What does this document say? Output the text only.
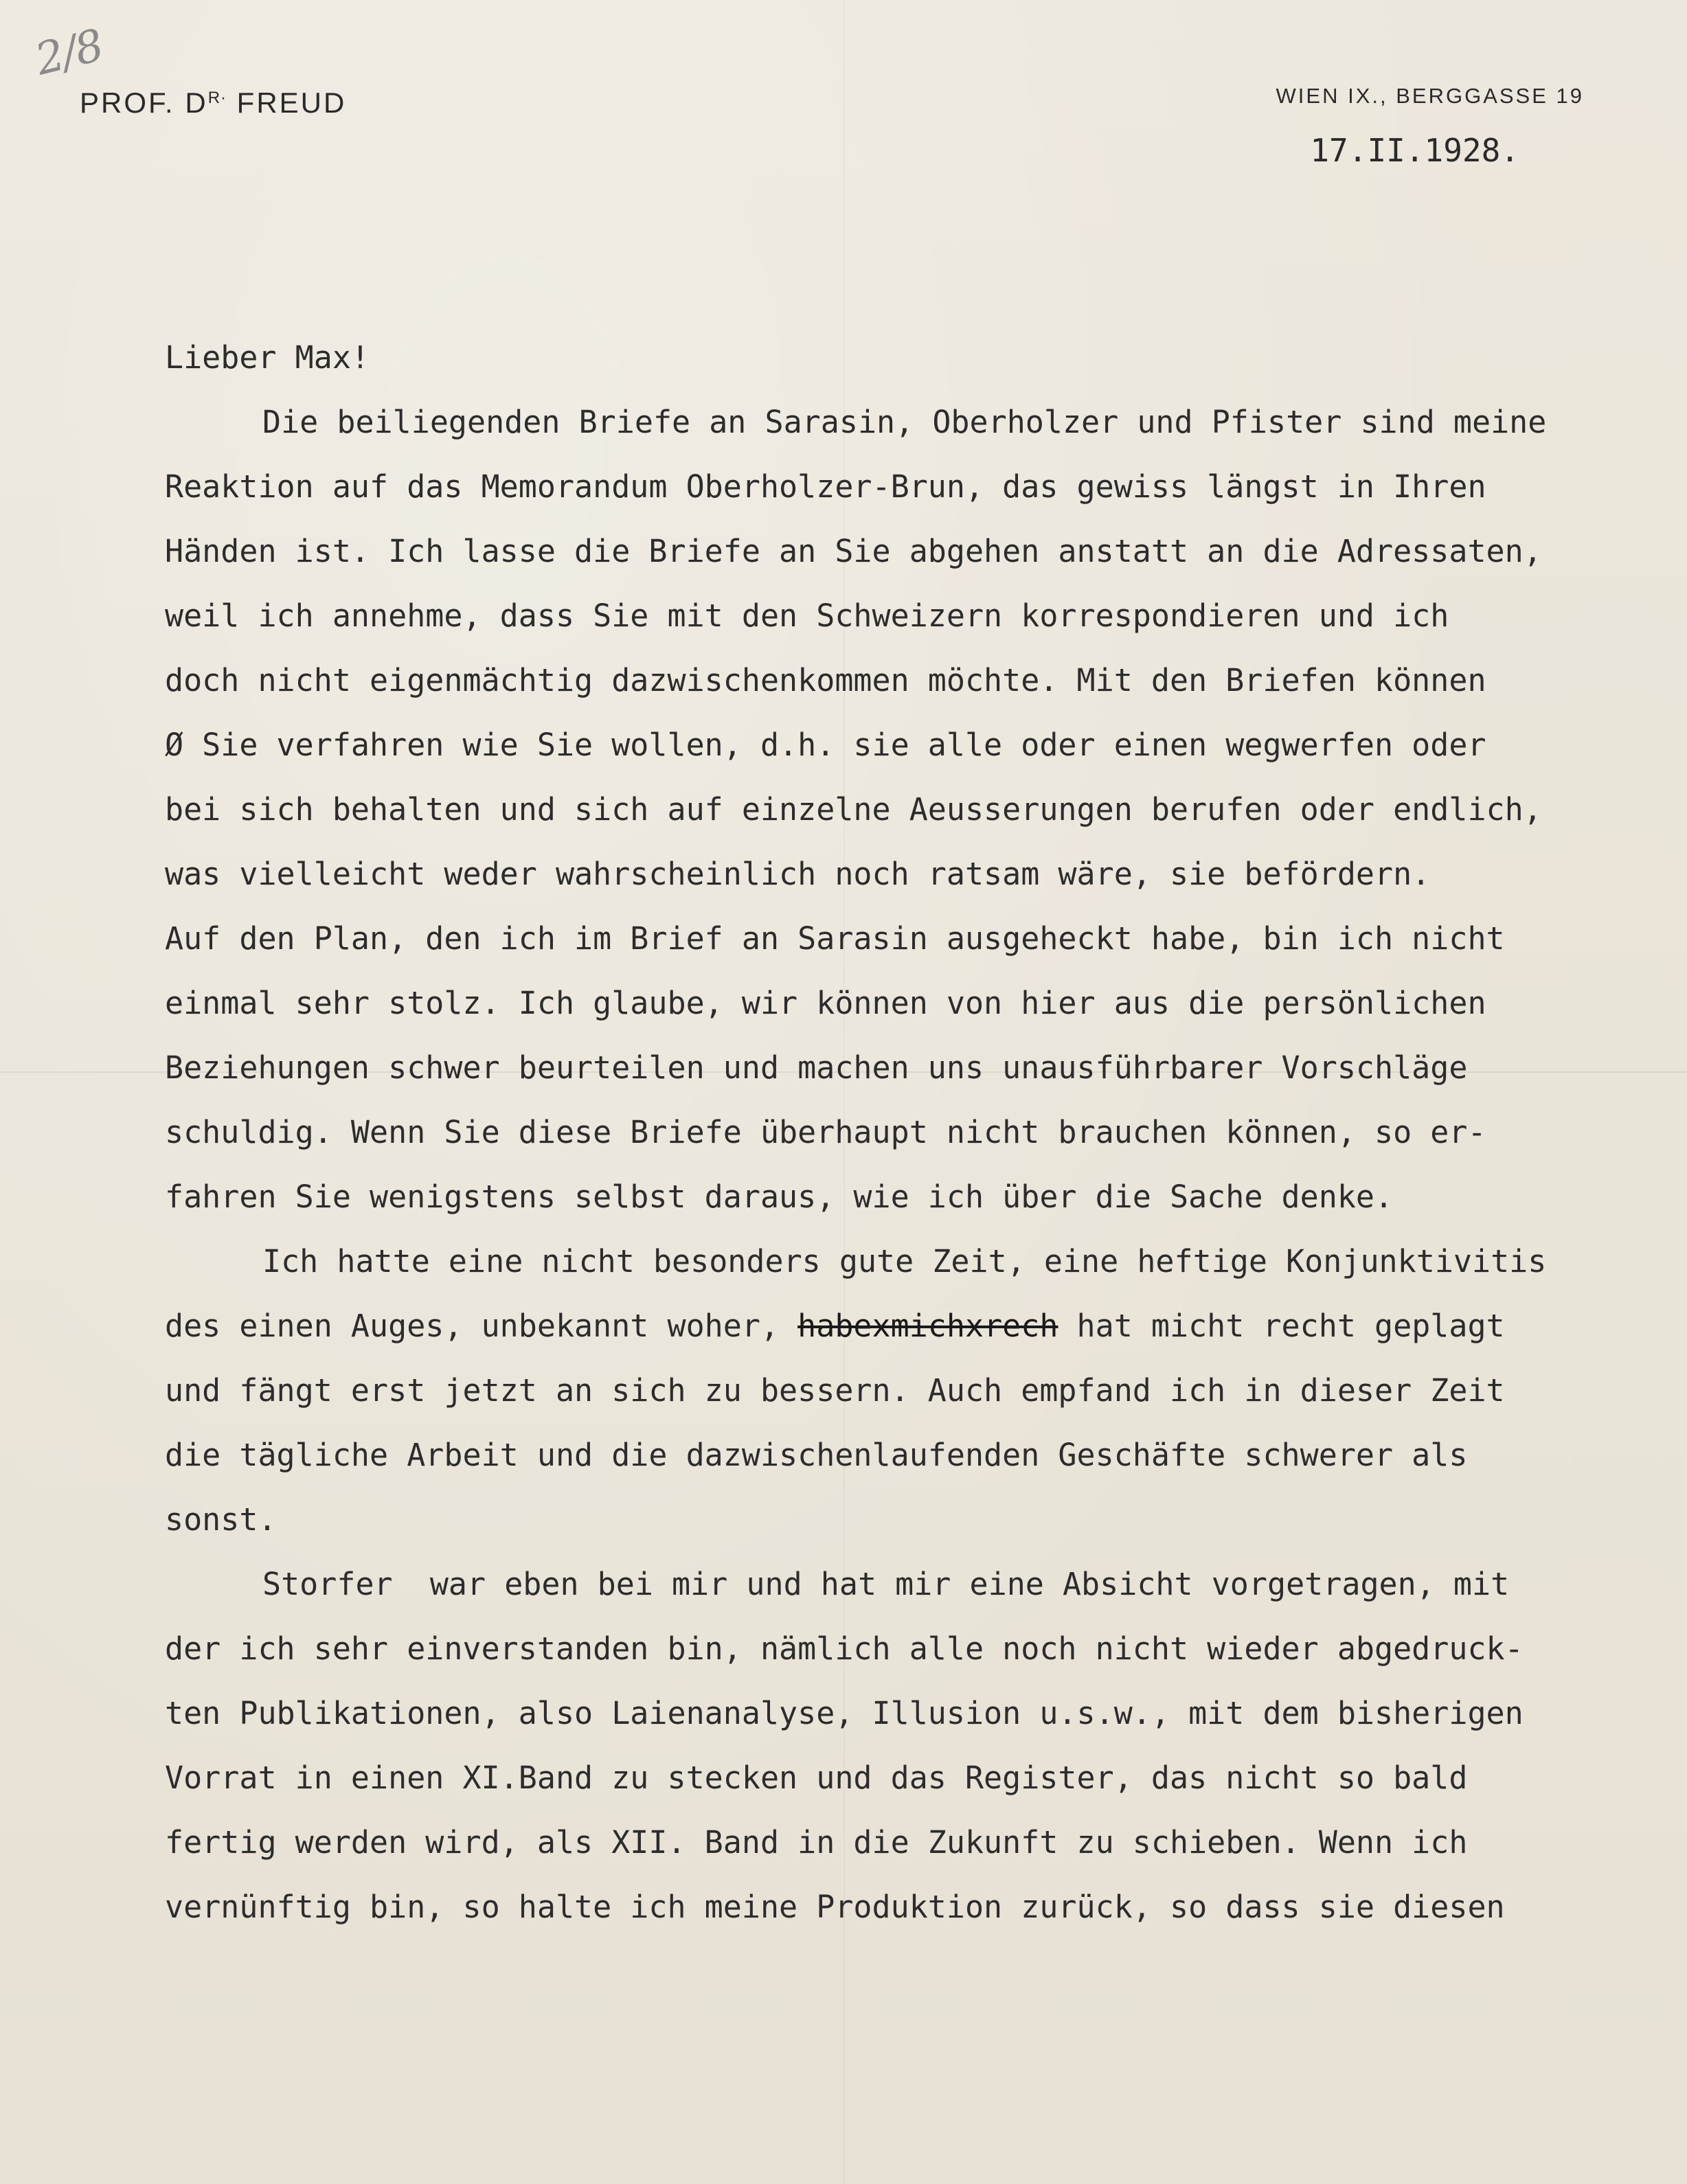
2/8
PROF. $D^{R\cdot}$ FREUD	WIEN IX., BERGGASSE 19
17.II.1928.
Lieber Max!
Die beiliegenden Briefe an Sarasin, Oberholzer und Pfister sind meine
Reaktion auf das Memorandum Oberholzer-Brun, das gewiss längst in Ihren
Händen ist. Ich lasse die Briefe an Sie abgehen anstatt an die Adressaten,
weil ich annehme, dass Sie mit den Schweizern korrespondieren und ich
doch nicht eigenmächtig dazwischenkommen möchte. Mit den Briefen können
Ø Sie verfahren wie Sie wollen, d.h. sie alle oder einen wegwerfen oder
bei sich behalten und sich auf einzelne Aeusserungen berufen oder endlich,
was vielleicht weder wahrscheinlich noch ratsam wäre, sie befördern.
Auf den Plan, den ich im Brief an Sarasin ausgeheckt habe, bin ich nicht
einmal sehr stolz. Ich glaube, wir können von hier aus die persönlichen
Beziehungen schwer beurteilen und machen uns unausführbarer Vorschläge
schuldig. Wenn Sie diese Briefe überhaupt nicht brauchen können, so er-
fahren Sie wenigstens selbst daraus, wie ich über die Sache denke.
Ich hatte eine nicht besonders gute Zeit, eine heftige Konjunktivitis
des einen Auges, unbekannt woher, habexmichxrech hat micht recht geplagt
und fängt erst jetzt an sich zu bessern. Auch empfand ich in dieser Zeit
die tägliche Arbeit und die dazwischenlaufenden Geschäfte schwerer als
sonst.
Storfer  war eben bei mir und hat mir eine Absicht vorgetragen, mit
der ich sehr einverstanden bin, nämlich alle noch nicht wieder abgedruck-
ten Publikationen, also Laienanalyse, Illusion u.s.w., mit dem bisherigen
Vorrat in einen XI.Band zu stecken und das Register, das nicht so bald
fertig werden wird, als XII. Band in die Zukunft zu schieben. Wenn ich
vernünftig bin, so halte ich meine Produktion zurück, so dass sie diesen
